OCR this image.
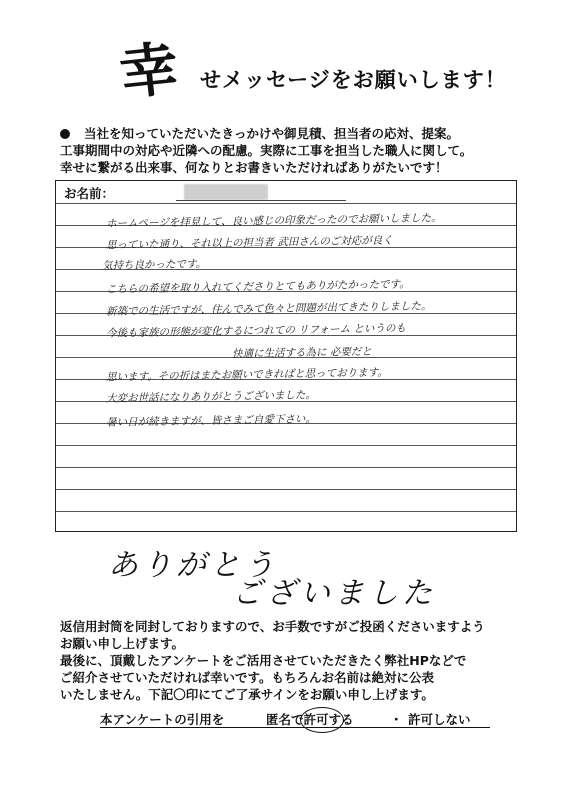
幸 せメッセージをお願いします！
当社を知っていただいたきっかけや御見積、担当者の応対、提案。
工事期間中の対応や近隣への配慮。実際に工事を担当した職人に関して。
幸せに繋がる出来事、何なりとお書きいただければありがたいです！
お名前：
ホームページを拝見して、良い感じの印象だったのでお願いしました。
思っていた通り、それ以上の担当者 武田さんのご対応が良く
気持ち良かったです。
こちらの希望を取り入れてくださりとてもありがたかったです。
新築での生活ですが、住んでみて色々と問題が出てきたりしました。
今後も家族の形態が変化するにつれての リフォーム というのも
快適に生活する為に 必要だと
思います。その折はまたお願いできればと思っております。
大変お世話になりありがとうございました。
暑い日が続きますが、皆さまご自愛下さい。
ありがとう
ございました
返信用封筒を同封しておりますので、お手数ですがご投函くださいますよう
お願い申し上げます。
最後に、頂戴したアンケートをご活用させていただきたく弊社HPなどで
ご紹介させていただければ幸いです。もちろんお名前は絶対に公表
いたしません。下記〇印にてご了承サインをお願い申し上げます。
本アンケートの引用を	匿名で許可する	・ 許可しない
